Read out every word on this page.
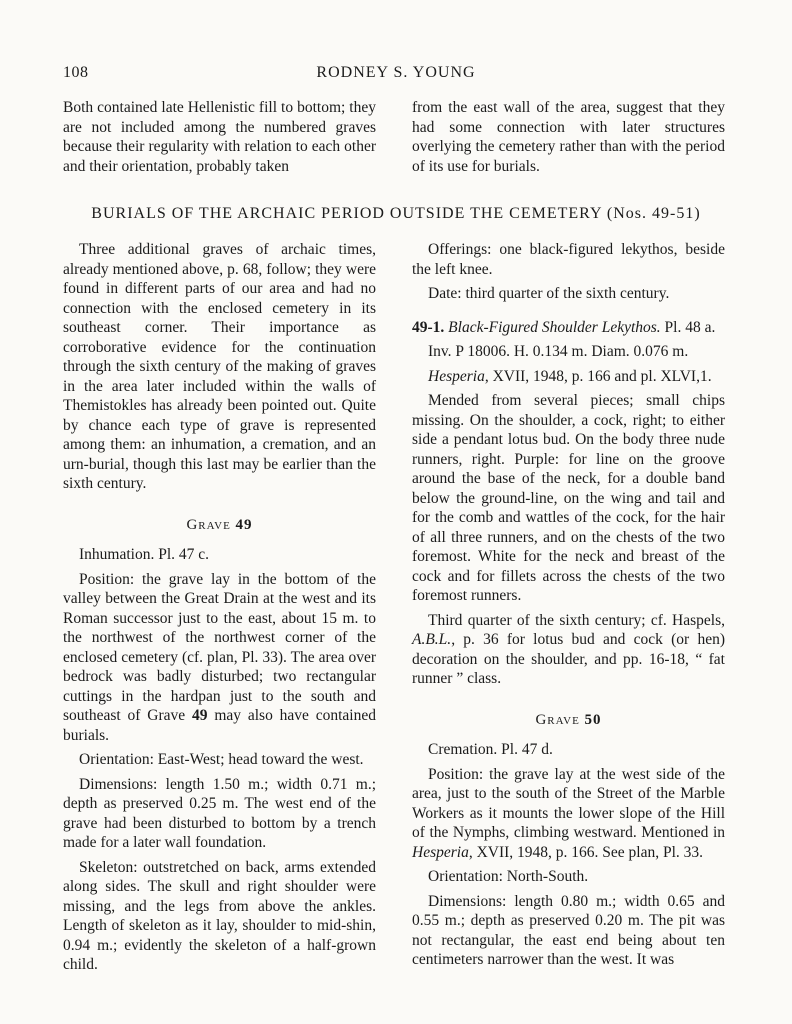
108	RODNEY S. YOUNG

Both contained late Hellenistic fill to bottom; they are not included among the numbered graves because their regularity with relation to each other and their orientation, probably taken

from the east wall of the area, suggest that they had some connection with later structures overlying the cemetery rather than with the period of its use for burials.

BURIALS OF THE ARCHAIC PERIOD OUTSIDE THE CEMETERY (Nos. 49-51)

Three additional graves of archaic times, already mentioned above, p. 68, follow; they were found in different parts of our area and had no connection with the enclosed cemetery in its southeast corner. Their importance as corroborative evidence for the continuation through the sixth century of the making of graves in the area later included within the walls of Themistokles has already been pointed out. Quite by chance each type of grave is represented among them: an inhumation, a cremation, and an urn-burial, though this last may be earlier than the sixth century.

Grave 49

Inhumation. Pl. 47 c.

Position: the grave lay in the bottom of the valley between the Great Drain at the west and its Roman successor just to the east, about 15 m. to the northwest of the northwest corner of the enclosed cemetery (cf. plan, Pl. 33). The area over bedrock was badly disturbed; two rectangular cuttings in the hardpan just to the south and southeast of Grave 49 may also have contained burials.

Orientation: East-West; head toward the west.

Dimensions: length 1.50 m.; width 0.71 m.; depth as preserved 0.25 m. The west end of the grave had been disturbed to bottom by a trench made for a later wall foundation.

Skeleton: outstretched on back, arms extended along sides. The skull and right shoulder were missing, and the legs from above the ankles. Length of skeleton as it lay, shoulder to mid-shin, 0.94 m.; evidently the skeleton of a half-grown child.

Offerings: one black-figured lekythos, beside the left knee.

Date: third quarter of the sixth century.

49-1. Black-Figured Shoulder Lekythos. Pl. 48 a.

Inv. P 18006. H. 0.134 m. Diam. 0.076 m.

Hesperia, XVII, 1948, p. 166 and pl. XLVI,1.

Mended from several pieces; small chips missing. On the shoulder, a cock, right; to either side a pendant lotus bud. On the body three nude runners, right. Purple: for line on the groove around the base of the neck, for a double band below the ground-line, on the wing and tail and for the comb and wattles of the cock, for the hair of all three runners, and on the chests of the two foremost. White for the neck and breast of the cock and for fillets across the chests of the two foremost runners.

Third quarter of the sixth century; cf. Haspels, A.B.L., p. 36 for lotus bud and cock (or hen) decoration on the shoulder, and pp. 16-18, “ fat runner ” class.

Grave 50

Cremation. Pl. 47 d.

Position: the grave lay at the west side of the area, just to the south of the Street of the Marble Workers as it mounts the lower slope of the Hill of the Nymphs, climbing westward. Mentioned in Hesperia, XVII, 1948, p. 166. See plan, Pl. 33.

Orientation: North-South.

Dimensions: length 0.80 m.; width 0.65 and 0.55 m.; depth as preserved 0.20 m. The pit was not rectangular, the east end being about ten centimeters narrower than the west. It was
